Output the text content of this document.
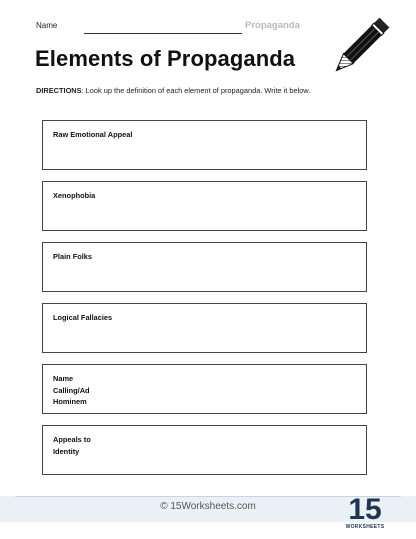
Name	Propaganda
Elements of Propaganda
DIRECTIONS: Look up the definition of each element of propaganda. Write it below.
Raw Emotional Appeal
Xenophobia
Plain Folks
Logical Fallacies
Name Calling/Ad Hominem
Appeals to Identity
© 15Worksheets.com	15
WORKSHEETS
